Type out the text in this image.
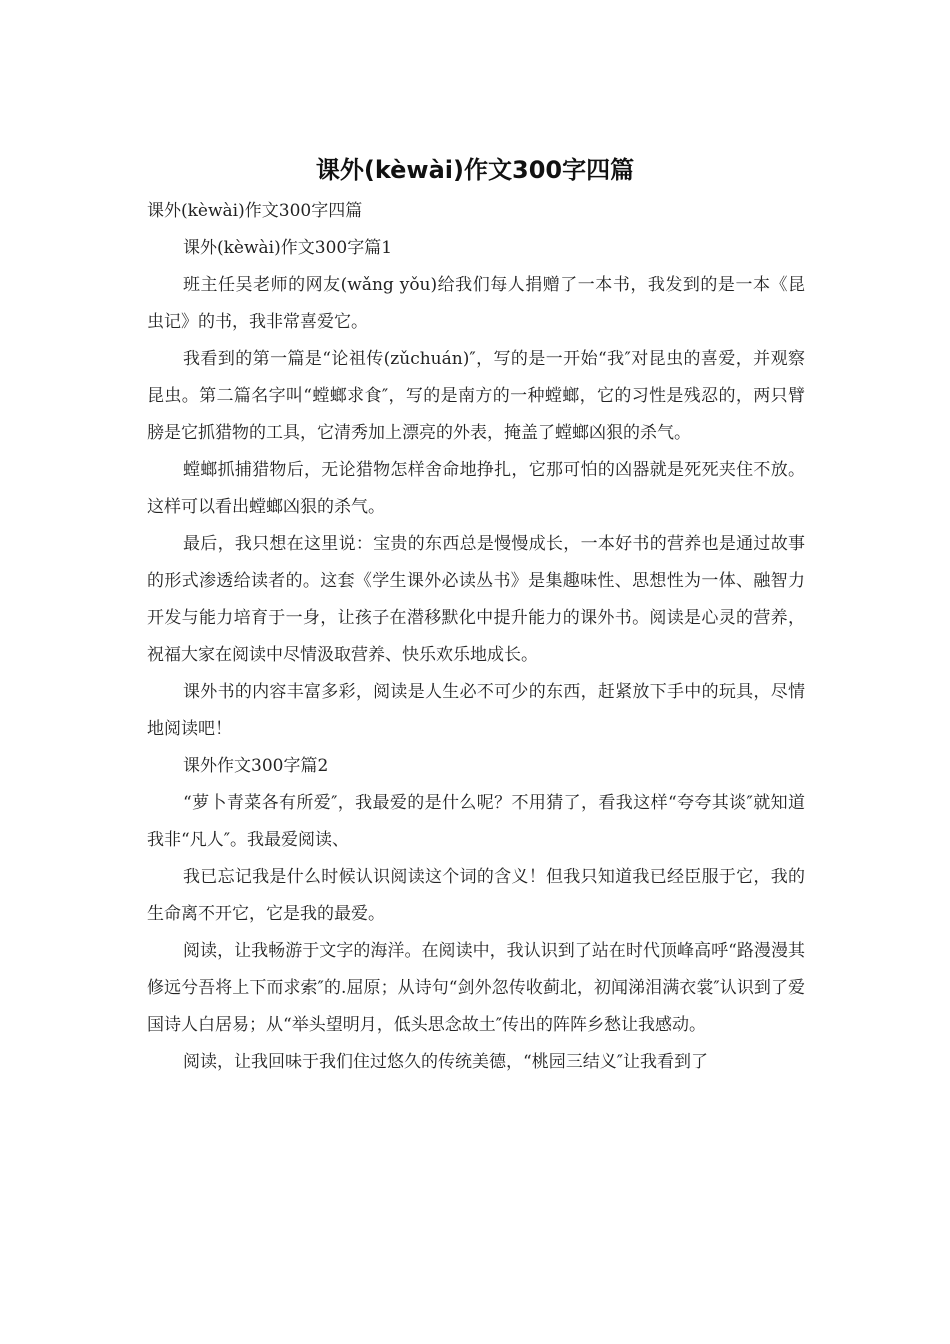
课外(kèwài)作文300字四篇

课外(kèwài)作文300字四篇

课外(kèwài)作文300字篇1

班主任吴老师的网友(wǎng yǒu)给我们每人捐赠了一本书，我发到的是一本《昆虫记》的书，我非常喜爱它。

我看到的第一篇是“论祖传(zǔchuán)″，写的是一开始“我″对昆虫的喜爱，并观察昆虫。第二篇名字叫“螳螂求食″，写的是南方的一种螳螂，它的习性是残忍的，两只臂膀是它抓猎物的工具，它清秀加上漂亮的外表，掩盖了螳螂凶狠的杀气。

螳螂抓捕猎物后，无论猎物怎样舍命地挣扎，它那可怕的凶器就是死死夹住不放。这样可以看出螳螂凶狠的杀气。

最后，我只想在这里说：宝贵的东西总是慢慢成长，一本好书的营养也是通过故事的形式渗透给读者的。这套《学生课外必读丛书》是集趣味性、思想性为一体、融智力开发与能力培育于一身，让孩子在潜移默化中提升能力的课外书。阅读是心灵的营养，祝福大家在阅读中尽情汲取营养、快乐欢乐地成长。

课外书的内容丰富多彩，阅读是人生必不可少的东西，赶紧放下手中的玩具，尽情地阅读吧！

课外作文300字篇2

“萝卜青菜各有所爱″，我最爱的是什么呢？不用猜了，看我这样“夸夸其谈″就知道我非“凡人″。我最爱阅读、

我已忘记我是什么时候认识阅读这个词的含义！但我只知道我已经臣服于它，我的生命离不开它，它是我的最爱。

阅读，让我畅游于文字的海洋。在阅读中，我认识到了站在时代顶峰高呼“路漫漫其修远兮吾将上下而求索″的.屈原；从诗句“剑外忽传收蓟北，初闻涕泪满衣裳″认识到了爱国诗人白居易；从“举头望明月，低头思念故土″传出的阵阵乡愁让我感动。

阅读，让我回味于我们住过悠久的传统美德，“桃园三结义″让我看到了
